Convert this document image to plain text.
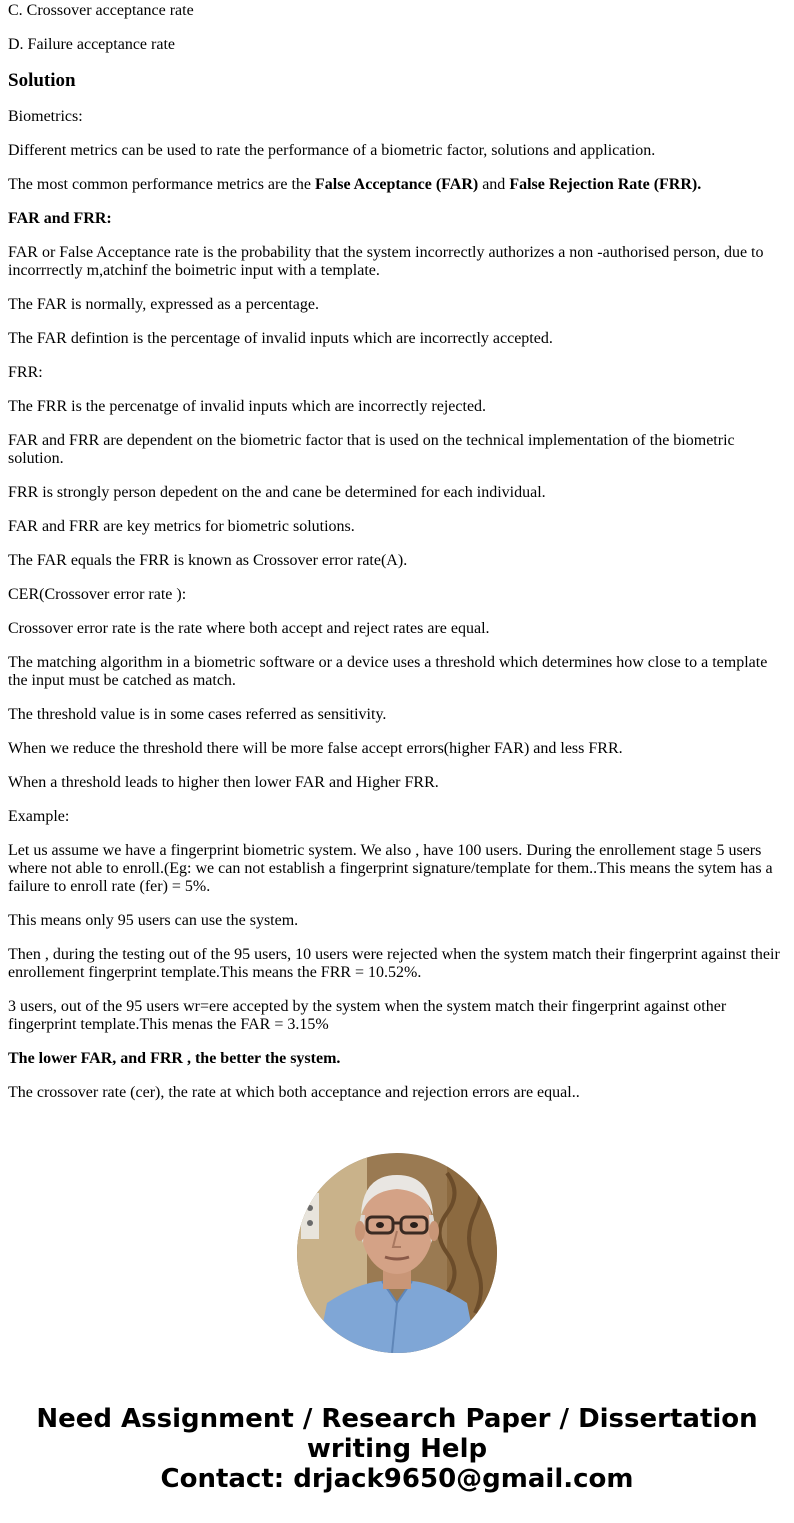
C. Crossover acceptance rate

D. Failure acceptance rate

Solution

Biometrics:

Different metrics can be used to rate the performance of a biometric factor, solutions and application.

The most common performance metrics are the False Acceptance (FAR) and False Rejection Rate (FRR).

FAR and FRR:

FAR or False Acceptance rate is the probability that the system incorrectly authorizes a non -authorised person, due to incorrrectly m,atchinf the boimetric input with a template.

The FAR is normally, expressed as a percentage.

The FAR defintion is the percentage of invalid inputs which are incorrectly accepted.

FRR:

The FRR is the percenatge of invalid inputs which are incorrectly rejected.

FAR and FRR are dependent on the biometric factor that is used on the technical implementation of the biometric solution.

FRR is strongly person depedent on the and cane be determined for each individual.

FAR and FRR are key metrics for biometric solutions.

The FAR equals the FRR is known as Crossover error rate(A).

CER(Crossover error rate ):

Crossover error rate is the rate where both accept and reject rates are equal.

The matching algorithm in a biometric software or a device uses a threshold which determines how close to a template the input must be catched as match.

The threshold value is in some cases referred as sensitivity.

When we reduce the threshold there will be more false accept errors(higher FAR) and less FRR.

When a threshold leads to higher then lower FAR and Higher FRR.

Example:

Let us assume we have a fingerprint biometric system. We also , have 100 users. During the enrollement stage 5 users where not able to enroll.(Eg: we can not establish a fingerprint signature/template for them..This means the sytem has a failure to enroll rate (fer) = 5%.

This means only 95 users can use the system.

Then , during the testing out of the 95 users, 10 users were rejected when the system match their fingerprint against their enrollement fingerprint template.This means the FRR = 10.52%.

3 users, out of the 95 users wr=ere accepted by the system when the system match their fingerprint against other fingerprint template.This menas the FAR = 3.15%

The lower FAR, and FRR , the better the system.

The crossover rate (cer), the rate at which both acceptance and rejection errors are equal..

Need Assignment / Research Paper / Dissertation
writing Help
Contact: drjack9650@gmail.com
